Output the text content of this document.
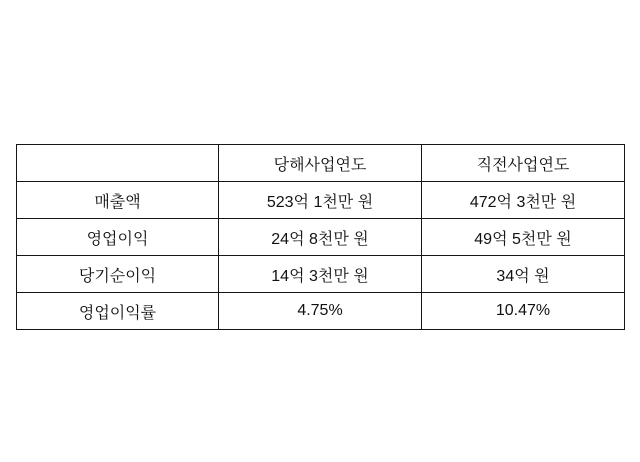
	당해사업연도	직전사업연도
매출액	523억 1천만 원	472억 3천만 원
영업이익	24억 8천만 원	49억 5천만 원
당기순이익	14억 3천만 원	34억 원
영업이익률	4.75%	10.47%
